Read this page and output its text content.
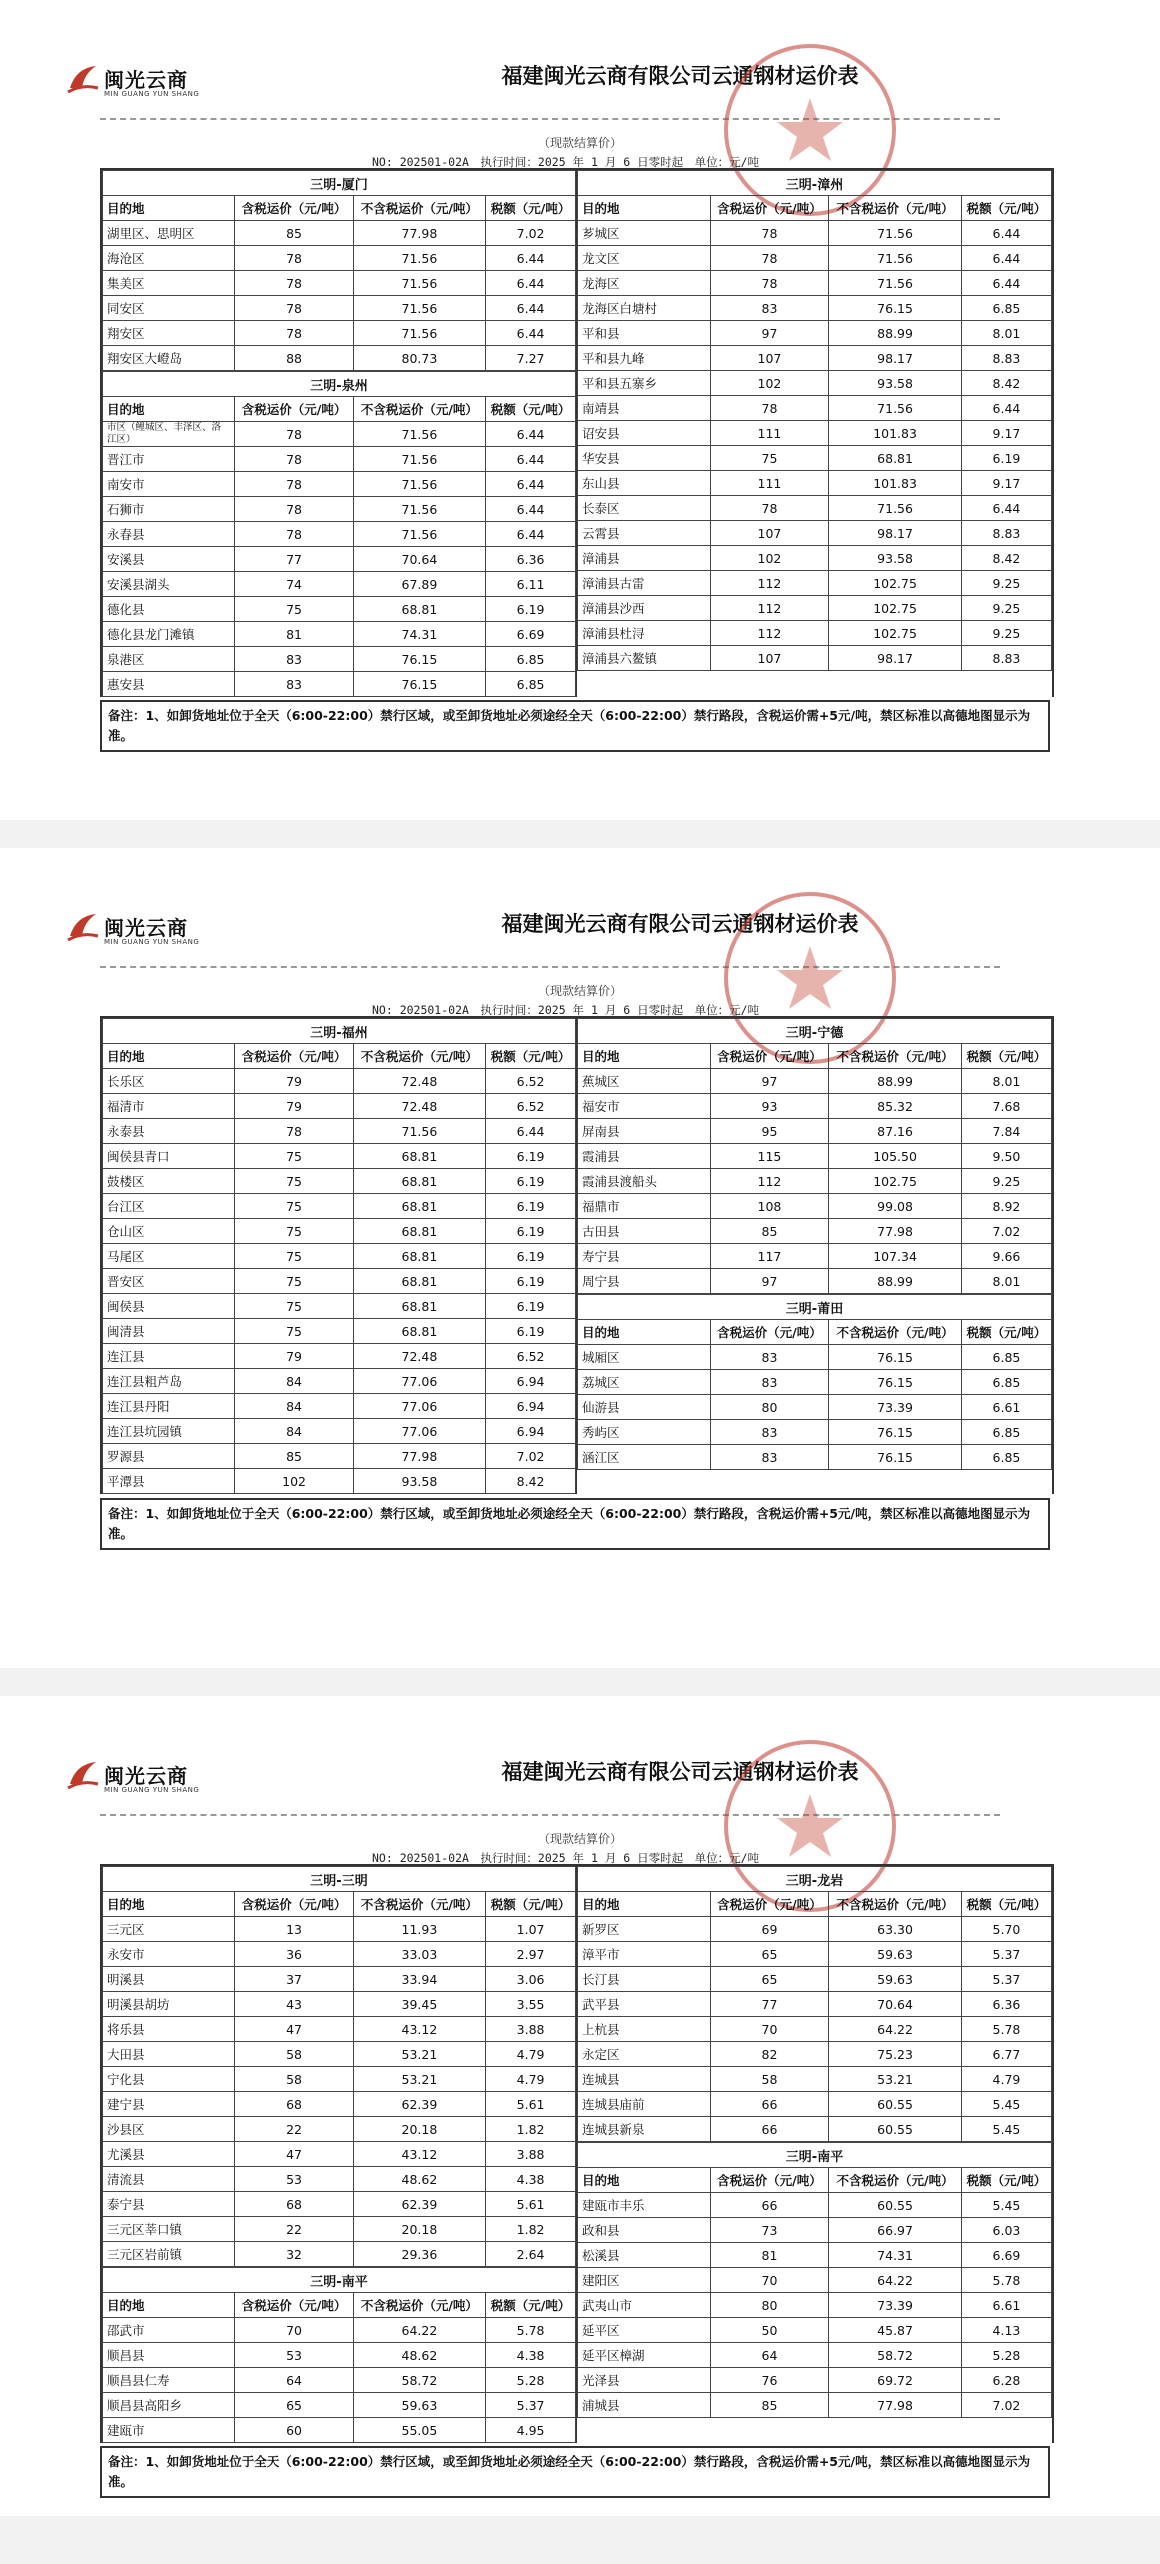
闽光云商
MIN GUANG YUN SHANG
福建闽光云商有限公司云通钢材运价表
（现款结算价）
NO: 202501-02A　执行时间：2025 年 1 月 6 日零时起　单位：元/吨
三明-厦门			
目的地	含税运价（元/吨）	不含税运价（元/吨）	税额（元/吨）
湖里区、思明区	85	77.98	7.02
海沧区	78	71.56	6.44
集美区	78	71.56	6.44
同安区	78	71.56	6.44
翔安区	78	71.56	6.44
翔安区大嶝岛	88	80.73	7.27
三明-泉州			
目的地	含税运价（元/吨）	不含税运价（元/吨）	税额（元/吨）
市区（鲤城区、丰泽区、洛江区）	78	71.56	6.44
晋江市	78	71.56	6.44
南安市	78	71.56	6.44
石狮市	78	71.56	6.44
永春县	78	71.56	6.44
安溪县	77	70.64	6.36
安溪县湖头	74	67.89	6.11
德化县	75	68.81	6.19
德化县龙门滩镇	81	74.31	6.69
泉港区	83	76.15	6.85
惠安县	83	76.15	6.85
三明-漳州			
目的地	含税运价（元/吨）	不含税运价（元/吨）	税额（元/吨）
芗城区	78	71.56	6.44
龙文区	78	71.56	6.44
龙海区	78	71.56	6.44
龙海区白塘村	83	76.15	6.85
平和县	97	88.99	8.01
平和县九峰	107	98.17	8.83
平和县五寨乡	102	93.58	8.42
南靖县	78	71.56	6.44
诏安县	111	101.83	9.17
华安县	75	68.81	6.19
东山县	111	101.83	9.17
长泰区	78	71.56	6.44
云霄县	107	98.17	8.83
漳浦县	102	93.58	8.42
漳浦县古雷	112	102.75	9.25
漳浦县沙西	112	102.75	9.25
漳浦县杜浔	112	102.75	9.25
漳浦县六鳌镇	107	98.17	8.83
备注：1、如卸货地址位于全天（6:00-22:00）禁行区域，或至卸货地址必须途经全天（6:00-22:00）禁行路段，含税运价需+5元/吨，禁区标准以高德地图显示为准。
闽光云商
MIN GUANG YUN SHANG
福建闽光云商有限公司云通钢材运价表
（现款结算价）
NO: 202501-02A　执行时间：2025 年 1 月 6 日零时起　单位：元/吨
三明-福州			
目的地	含税运价（元/吨）	不含税运价（元/吨）	税额（元/吨）
长乐区	79	72.48	6.52
福清市	79	72.48	6.52
永泰县	78	71.56	6.44
闽侯县青口	75	68.81	6.19
鼓楼区	75	68.81	6.19
台江区	75	68.81	6.19
仓山区	75	68.81	6.19
马尾区	75	68.81	6.19
晋安区	75	68.81	6.19
闽侯县	75	68.81	6.19
闽清县	75	68.81	6.19
连江县	79	72.48	6.52
连江县粗芦岛	84	77.06	6.94
连江县丹阳	84	77.06	6.94
连江县坑园镇	84	77.06	6.94
罗源县	85	77.98	7.02
平潭县	102	93.58	8.42
三明-宁德			
目的地	含税运价（元/吨）	不含税运价（元/吨）	税额（元/吨）
蕉城区	97	88.99	8.01
福安市	93	85.32	7.68
屏南县	95	87.16	7.84
霞浦县	115	105.50	9.50
霞浦县渡船头	112	102.75	9.25
福鼎市	108	99.08	8.92
古田县	85	77.98	7.02
寿宁县	117	107.34	9.66
周宁县	97	88.99	8.01
三明-莆田			
目的地	含税运价（元/吨）	不含税运价（元/吨）	税额（元/吨）
城厢区	83	76.15	6.85
荔城区	83	76.15	6.85
仙游县	80	73.39	6.61
秀屿区	83	76.15	6.85
涵江区	83	76.15	6.85
备注：1、如卸货地址位于全天（6:00-22:00）禁行区域，或至卸货地址必须途经全天（6:00-22:00）禁行路段，含税运价需+5元/吨，禁区标准以高德地图显示为准。
闽光云商
MIN GUANG YUN SHANG
福建闽光云商有限公司云通钢材运价表
（现款结算价）
NO: 202501-02A　执行时间：2025 年 1 月 6 日零时起　单位：元/吨
三明-三明			
目的地	含税运价（元/吨）	不含税运价（元/吨）	税额（元/吨）
三元区	13	11.93	1.07
永安市	36	33.03	2.97
明溪县	37	33.94	3.06
明溪县胡坊	43	39.45	3.55
将乐县	47	43.12	3.88
大田县	58	53.21	4.79
宁化县	58	53.21	4.79
建宁县	68	62.39	5.61
沙县区	22	20.18	1.82
尤溪县	47	43.12	3.88
清流县	53	48.62	4.38
泰宁县	68	62.39	5.61
三元区莘口镇	22	20.18	1.82
三元区岩前镇	32	29.36	2.64
三明-南平			
目的地	含税运价（元/吨）	不含税运价（元/吨）	税额（元/吨）
邵武市	70	64.22	5.78
顺昌县	53	48.62	4.38
顺昌县仁寿	64	58.72	5.28
顺昌县高阳乡	65	59.63	5.37
建瓯市	60	55.05	4.95
三明-龙岩			
目的地	含税运价（元/吨）	不含税运价（元/吨）	税额（元/吨）
新罗区	69	63.30	5.70
漳平市	65	59.63	5.37
长汀县	65	59.63	5.37
武平县	77	70.64	6.36
上杭县	70	64.22	5.78
永定区	82	75.23	6.77
连城县	58	53.21	4.79
连城县庙前	66	60.55	5.45
连城县新泉	66	60.55	5.45
三明-南平			
目的地	含税运价（元/吨）	不含税运价（元/吨）	税额（元/吨）
建瓯市丰乐	66	60.55	5.45
政和县	73	66.97	6.03
松溪县	81	74.31	6.69
建阳区	70	64.22	5.78
武夷山市	80	73.39	6.61
延平区	50	45.87	4.13
延平区樟湖	64	58.72	5.28
光泽县	76	69.72	6.28
浦城县	85	77.98	7.02
备注：1、如卸货地址位于全天（6:00-22:00）禁行区域，或至卸货地址必须途经全天（6:00-22:00）禁行路段，含税运价需+5元/吨，禁区标准以高德地图显示为准。
